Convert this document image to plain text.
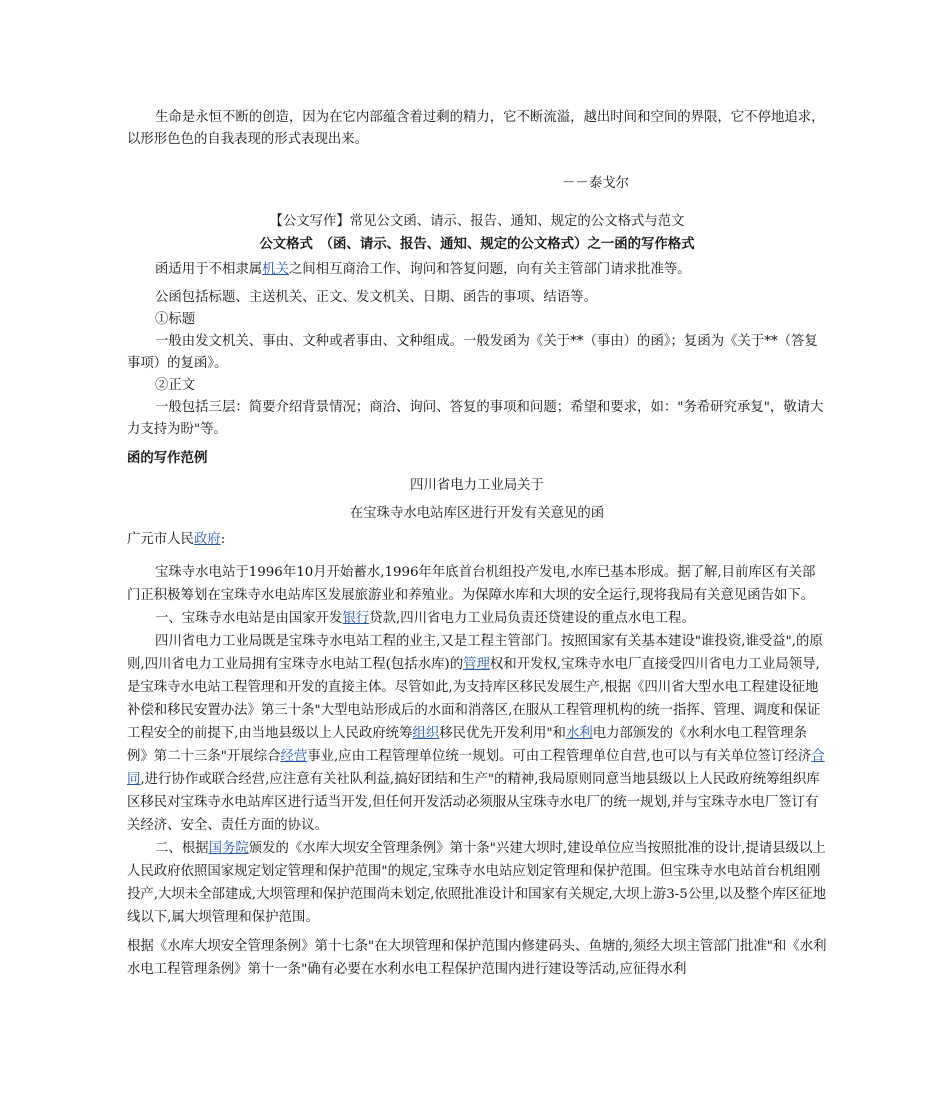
生命是永恒不断的创造，因为在它内部蕴含着过剩的精力，它不断流溢，越出时间和空间的界限，它不停地追求，以形形色色的自我表现的形式表现出来。

－－泰戈尔

【公文写作】常见公文函、请示、报告、通知、规定的公文格式与范文

公文格式　（函、请示、报告、通知、规定的公文格式）之一函的写作格式

函适用于不相隶属机关之间相互商洽工作、询问和答复问题，向有关主管部门请求批准等。

公函包括标题、主送机关、正文、发文机关、日期、函告的事项、结语等。

①标题

一般由发文机关、事由、文种或者事由、文种组成。一般发函为《关于**（事由）的函》；复函为《关于**（答复事项）的复函》。

②正文

一般包括三层：简要介绍背景情况；商洽、询问、答复的事项和问题；希望和要求，如："务希研究承复"，敬请大力支持为盼"等。

函的写作范例

四川省电力工业局关于

在宝珠寺水电站库区进行开发有关意见的函

广元市人民政府:

宝珠寺水电站于1996年10月开始蓄水,1996年年底首台机组投产发电,水库已基本形成。据了解,目前库区有关部门正积极筹划在宝珠寺水电站库区发展旅游业和养殖业。为保障水库和大坝的安全运行,现将我局有关意见函告如下。

一、宝珠寺水电站是由国家开发银行贷款,四川省电力工业局负责还贷建设的重点水电工程。

四川省电力工业局既是宝珠寺水电站工程的业主,又是工程主管部门。按照国家有关基本建设"谁投资,谁受益",的原则,四川省电力工业局拥有宝珠寺水电站工程(包括水库)的管理权和开发权,宝珠寺水电厂直接受四川省电力工业局领导,是宝珠寺水电站工程管理和开发的直接主体。尽管如此,为支持库区移民发展生产,根据《四川省大型水电工程建设征地补偿和移民安置办法》第三十条"大型电站形成后的水面和消落区,在服从工程管理机构的统一指挥、管理、调度和保证工程安全的前提下,由当地县级以上人民政府统筹组织移民优先开发利用"和水利电力部颁发的《水利水电工程管理条例》第二十三条"开展综合经营事业,应由工程管理单位统一规划。可由工程管理单位自营,也可以与有关单位签订经济合同,进行协作或联合经营,应注意有关社队利益,搞好团结和生产"的精神,我局原则同意当地县级以上人民政府统筹组织库区移民对宝珠寺水电站库区进行适当开发,但任何开发活动必须服从宝珠寺水电厂的统一规划,并与宝珠寺水电厂签订有关经济、安全、责任方面的协议。

二、根据国务院颁发的《水库大坝安全管理条例》第十条"兴建大坝时,建设单位应当按照批准的设计,提请县级以上人民政府依照国家规定划定管理和保护范围"的规定,宝珠寺水电站应划定管理和保护范围。但宝珠寺水电站首台机组刚投产,大坝未全部建成,大坝管理和保护范围尚未划定,依照批准设计和国家有关规定,大坝上游3-5公里,以及整个库区征地线以下,属大坝管理和保护范围。

根据《水库大坝安全管理条例》第十七条"在大坝管理和保护范围内修建码头、鱼塘的,须经大坝主管部门批准"和《水利水电工程管理条例》第十一条"确有必要在水利水电工程保护范围内进行建设等活动,应征得水利
